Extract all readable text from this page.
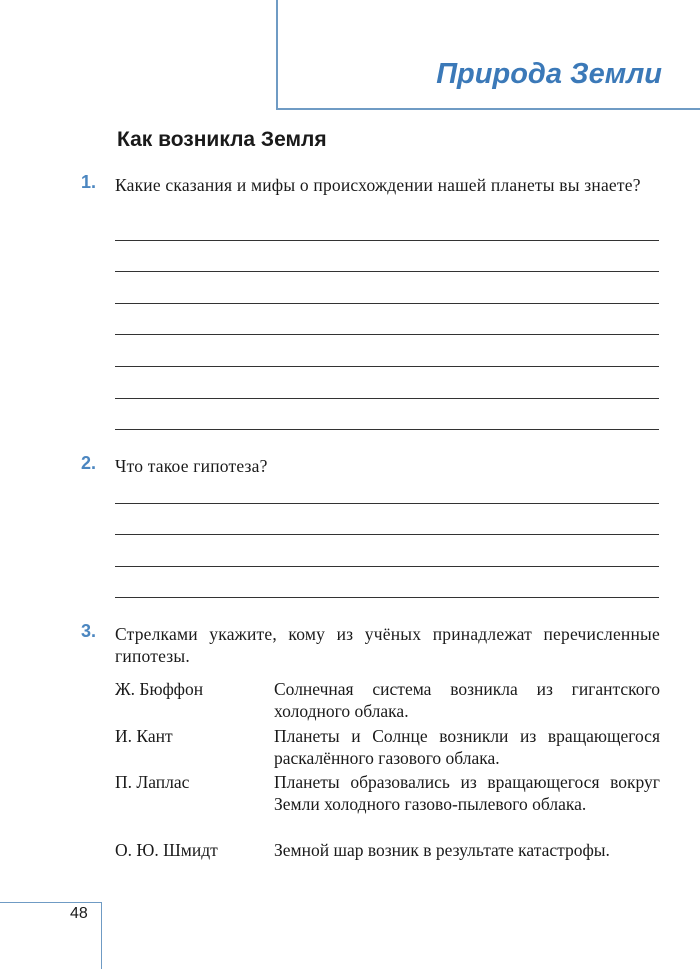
Природа Земли
Как возникла Земля
1. Какие сказания и мифы о происхождении нашей планеты вы знаете?

2. Что такое гипотеза?

3. Стрелками укажите, кому из учёных принадлежат перечисленные гипотезы.

Ж. Бюффон	Солнечная система возникла из гигантского холодного облака.
И. Кант	Планеты и Солнце возникли из вращающегося раскалённого газового облака.
П. Лаплас	Планеты образовались из вращающегося вокруг Земли холодного газово-пылевого облака.
О. Ю. Шмидт	Земной шар возник в результате катастрофы.
48
